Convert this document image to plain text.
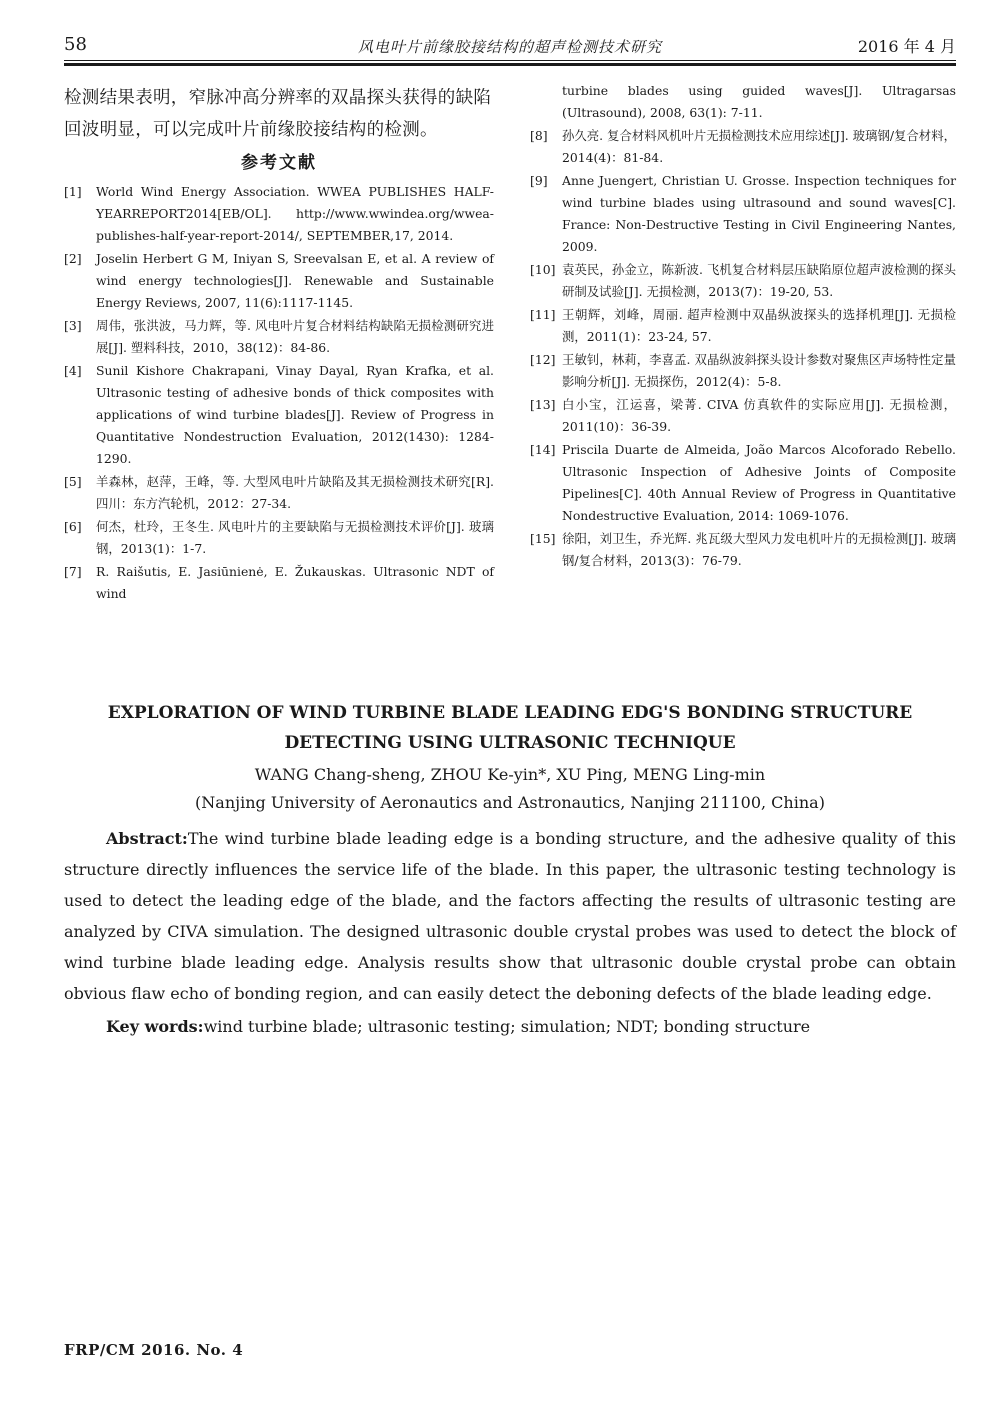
58	风电叶片前缘胶接结构的超声检测技术研究	2016 年 4 月

检测结果表明，窄脉冲高分辨率的双晶探头获得的缺陷回波明显，可以完成叶片前缘胶接结构的检测。

参考文献
[1]	World Wind Energy Association. WWEA PUBLISHES HALF-YEARREPORT2014[EB/OL]. http://www.wwindea.org/wwea-publishes-half-year-report-2014/, SEPTEMBER,17, 2014.
[2]	Joselin Herbert G M, Iniyan S, Sreevalsan E, et al. A review of wind energy technologies[J]. Renewable and Sustainable Energy Reviews, 2007, 11(6):1117-1145.
[3]	周伟，张洪波，马力辉，等. 风电叶片复合材料结构缺陷无损检测研究进展[J]. 塑料科技，2010，38(12)：84-86.
[4]	Sunil Kishore Chakrapani, Vinay Dayal, Ryan Krafka, et al. Ultrasonic testing of adhesive bonds of thick composites with applications of wind turbine blades[J]. Review of Progress in Quantitative Nondestruction Evaluation, 2012(1430): 1284-1290.
[5]	羊森林，赵萍，王峰，等. 大型风电叶片缺陷及其无损检测技术研究[R]. 四川：东方汽轮机，2012：27-34.
[6]	何杰，杜玲，王冬生. 风电叶片的主要缺陷与无损检测技术评价[J]. 玻璃钢，2013(1)：1-7.
[7]	R. Raišutis, E. Jasiūnienė, E. Žukauskas. Ultrasonic NDT of wind
turbine blades using guided waves[J]. Ultragarsas (Ultrasound), 2008, 63(1): 7-11.
[8]	孙久亮. 复合材料风机叶片无损检测技术应用综述[J]. 玻璃钢/复合材料，2014(4)：81-84.
[9]	Anne Juengert, Christian U. Grosse. Inspection techniques for wind turbine blades using ultrasound and sound waves[C]. France: Non-Destructive Testing in Civil Engineering Nantes, 2009.
[10] 袁英民，孙金立，陈新波. 飞机复合材料层压缺陷原位超声波检测的探头研制及试验[J]. 无损检测，2013(7)：19-20, 53.
[11] 王朝辉，刘峰，周丽. 超声检测中双晶纵波探头的选择机理[J]. 无损检测，2011(1)：23-24, 57.
[12] 王敏钊，林莉，李喜孟. 双晶纵波斜探头设计参数对聚焦区声场特性定量影响分析[J]. 无损探伤，2012(4)：5-8.
[13] 白小宝，江运喜，梁菁. CIVA 仿真软件的实际应用[J]. 无损检测，2011(10)：36-39.
[14] Priscila Duarte de Almeida, João Marcos Alcoforado Rebello. Ultrasonic Inspection of Adhesive Joints of Composite Pipelines[C]. 40th Annual Review of Progress in Quantitative Nondestructive Evaluation, 2014: 1069-1076.
[15] 徐阳，刘卫生，乔光辉. 兆瓦级大型风力发电机叶片的无损检测[J]. 玻璃钢/复合材料，2013(3)：76-79.
EXPLORATION OF WIND TURBINE BLADE LEADING EDG'S BONDING STRUCTURE
DETECTING USING ULTRASONIC TECHNIQUE
WANG Chang-sheng, ZHOU Ke-yin*, XU Ping, MENG Ling-min
(Nanjing University of Aeronautics and Astronautics, Nanjing 211100, China)
Abstract:The wind turbine blade leading edge is a bonding structure, and the adhesive quality of this structure directly influences the service life of the blade. In this paper, the ultrasonic testing technology is used to detect the leading edge of the blade, and the factors affecting the results of ultrasonic testing are analyzed by CIVA simulation. The designed ultrasonic double crystal probes was used to detect the block of wind turbine blade leading edge. Analysis results show that ultrasonic double crystal probe can obtain obvious flaw echo of bonding region, and can easily detect the deboning defects of the blade leading edge.
Key words:wind turbine blade; ultrasonic testing; simulation; NDT; bonding structure
FRP/CM 2016. No. 4
